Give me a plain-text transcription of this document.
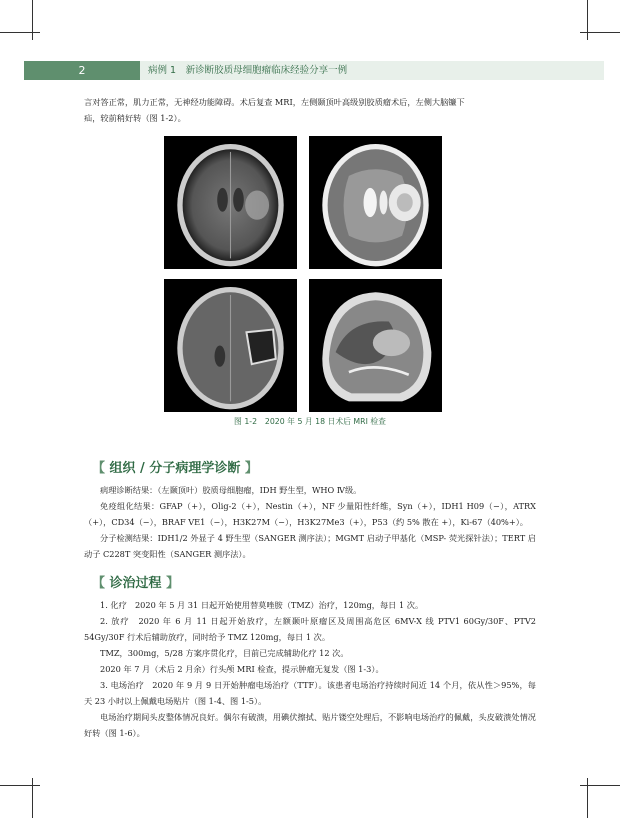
2	病例 1　新诊断胶质母细胞瘤临床经验分享一例
言对答正常，肌力正常，无神经功能障碍。术后复查 MRI，左侧颞顶叶高级别胶质瘤术后，左侧大脑镰下
疝，较前稍好转（图 1-2）。
图 1-2　2020 年 5 月 18 日术后 MRI 检查
【 组织 / 分子病理学诊断 】
病理诊断结果：（左颞顶叶）胶质母细胞瘤，IDH 野生型，WHO Ⅳ级。
免疫组化结果：GFAP（+），Olig-2（+），Nestin（+），NF 少量阳性纤维，Syn（+），IDH1 H09（−），ATRX（+），CD34（−），BRAF VE1（−），H3K27M（−），H3K27Me3（+），P53（约 5% 散在 +），Ki-67（40%+）。
分子检测结果：IDH1/2 外显子 4 野生型（SANGER 测序法）；MGMT 启动子甲基化（MSP- 荧光探针法）；TERT 启动子 C228T 突变阳性（SANGER 测序法）。
【 诊治过程 】
1. 化疗　2020 年 5 月 31 日起开始使用替莫唑胺（TMZ）治疗，120mg，每日 1 次。
2. 放疗　2020 年 6 月 11 日起开始放疗，左额颞叶原瘤区及周围高危区 6MV-X 线 PTV1 60Gy/30F、PTV2 54Gy/30F 行术后辅助放疗，同时给予 TMZ 120mg，每日 1 次。
TMZ，300mg，5/28 方案序贯化疗，目前已完成辅助化疗 12 次。
2020 年 7 月（术后 2 月余）行头颅 MRI 检查，提示肿瘤无复发（图 1-3）。
3. 电场治疗　2020 年 9 月 9 日开始肿瘤电场治疗（TTF）。该患者电场治疗持续时间近 14 个月，依从性＞95%，每天 23 小时以上佩戴电场贴片（图 1-4、图 1-5）。
电场治疗期间头皮整体情况良好。偶尔有破溃，用碘伏擦拭、贴片镂空处理后，不影响电场治疗的佩戴，头皮破溃处情况好转（图 1-6）。
